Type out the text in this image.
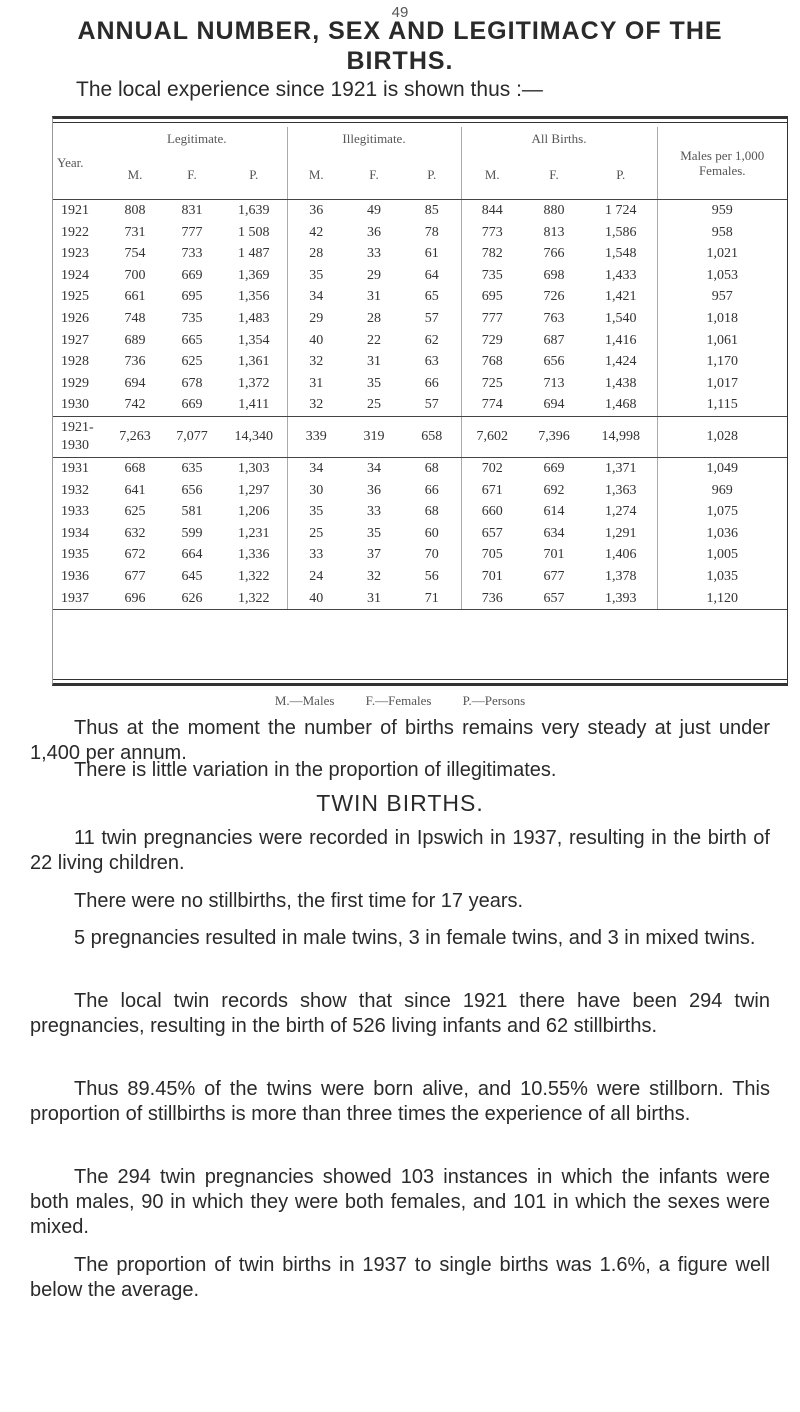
49
ANNUAL NUMBER, SEX AND LEGITIMACY OF THE
BIRTHS.
The local experience since 1921 is shown thus :—
Year.	Legitimate.			Illegitimate.			All Births.			Males per 1,000 Females.
	M.	F.	P.	M.	F.	P.	M.	F.	P.	
1921	808	831	1,639	36	49	85	844	880	1 724	959
1922	731	777	1 508	42	36	78	773	813	1,586	958
1923	754	733	1 487	28	33	61	782	766	1,548	1,021
1924	700	669	1,369	35	29	64	735	698	1,433	1,053
1925	661	695	1,356	34	31	65	695	726	1,421	957
1926	748	735	1,483	29	28	57	777	763	1,540	1,018
1927	689	665	1,354	40	22	62	729	687	1,416	1,061
1928	736	625	1,361	32	31	63	768	656	1,424	1,170
1929	694	678	1,372	31	35	66	725	713	1,438	1,017
1930	742	669	1,411	32	25	57	774	694	1,468	1,115

1921-
1930	7,263	7,077	14,340	339	319	658	7,602	7,396	14,998	1,028
1931	668	635	1,303	34	34	68	702	669	1,371	1,049
1932	641	656	1,297	30	36	66	671	692	1,363	969
1933	625	581	1,206	35	33	68	660	614	1,274	1,075
1934	632	599	1,231	25	35	60	657	634	1,291	1,036
1935	672	664	1,336	33	37	70	705	701	1,406	1,005
1936	677	645	1,322	24	32	56	701	677	1,378	1,035
1937	696	626	1,322	40	31	71	736	657	1,393	1,120
M.—Males F.—Females P.—Persons
Thus at the moment the number of births remains very steady at just under 1,400 per annum.
There is little variation in the proportion of illegitimates.
TWIN BIRTHS.
11 twin pregnancies were recorded in Ipswich in 1937, resulting in the birth of 22 living children.
There were no stillbirths, the first time for 17 years.
5 pregnancies resulted in male twins, 3 in female twins, and 3 in mixed twins.
The local twin records show that since 1921 there have been 294 twin pregnancies, resulting in the birth of 526 living infants and 62 stillbirths.
Thus 89.45% of the twins were born alive, and 10.55% were stillborn. This proportion of stillbirths is more than three times the experience of all births.
The 294 twin pregnancies showed 103 instances in which the infants were both males, 90 in which they were both females, and 101 in which the sexes were mixed.
The proportion of twin births in 1937 to single births was 1.6%, a figure well below the average.
